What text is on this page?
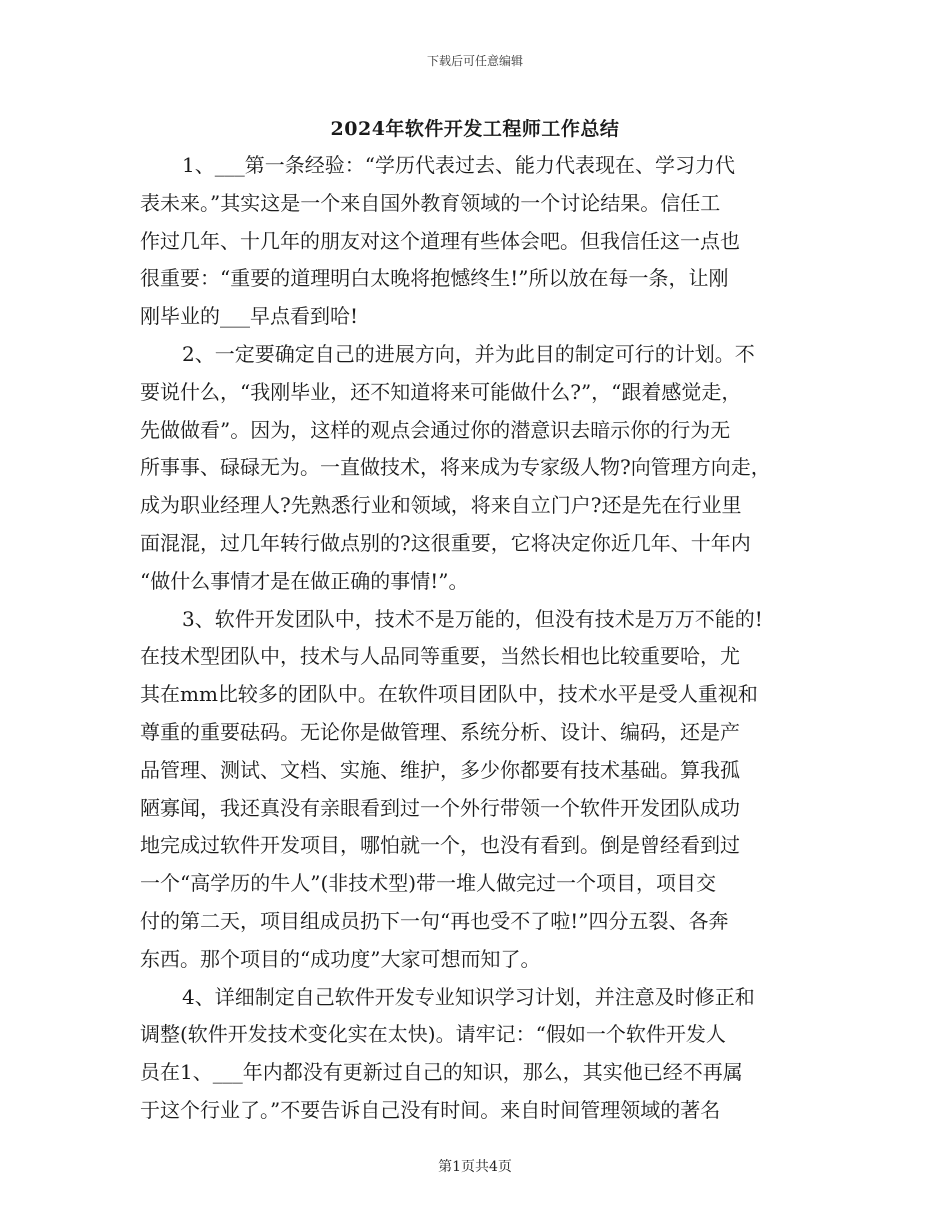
下载后可任意编辑
2024年软件开发工程师工作总结
1、___第一条经验：“学历代表过去、能力代表现在、学习力代
表未来。”其实这是一个来自国外教育领域的一个讨论结果。信任工
作过几年、十几年的朋友对这个道理有些体会吧。但我信任这一点也
很重要：“重要的道理明白太晚将抱憾终生!”所以放在每一条，让刚
刚毕业的___早点看到哈!
2、一定要确定自己的进展方向，并为此目的制定可行的计划。不
要说什么，“我刚毕业，还不知道将来可能做什么?”，“跟着感觉走，
先做做看”。因为，这样的观点会通过你的潜意识去暗示你的行为无
所事事、碌碌无为。一直做技术，将来成为专家级人物?向管理方向走，
成为职业经理人?先熟悉行业和领域，将来自立门户?还是先在行业里
面混混，过几年转行做点别的?这很重要，它将决定你近几年、十年内
“做什么事情才是在做正确的事情!”。
3、软件开发团队中，技术不是万能的，但没有技术是万万不能的!
在技术型团队中，技术与人品同等重要，当然长相也比较重要哈，尤
其在mm比较多的团队中。在软件项目团队中，技术水平是受人重视和
尊重的重要砝码。无论你是做管理、系统分析、设计、编码，还是产
品管理、测试、文档、实施、维护，多少你都要有技术基础。算我孤
陋寡闻，我还真没有亲眼看到过一个外行带领一个软件开发团队成功
地完成过软件开发项目，哪怕就一个，也没有看到。倒是曾经看到过
一个“高学历的牛人”(非技术型)带一堆人做完过一个项目，项目交
付的第二天，项目组成员扔下一句“再也受不了啦!”四分五裂、各奔
东西。那个项目的“成功度”大家可想而知了。
4、详细制定自己软件开发专业知识学习计划，并注意及时修正和
调整(软件开发技术变化实在太快)。请牢记：“假如一个软件开发人
员在1、___年内都没有更新过自己的知识，那么，其实他已经不再属
于这个行业了。”不要告诉自己没有时间。来自时间管理领域的著名
第1页共4页
